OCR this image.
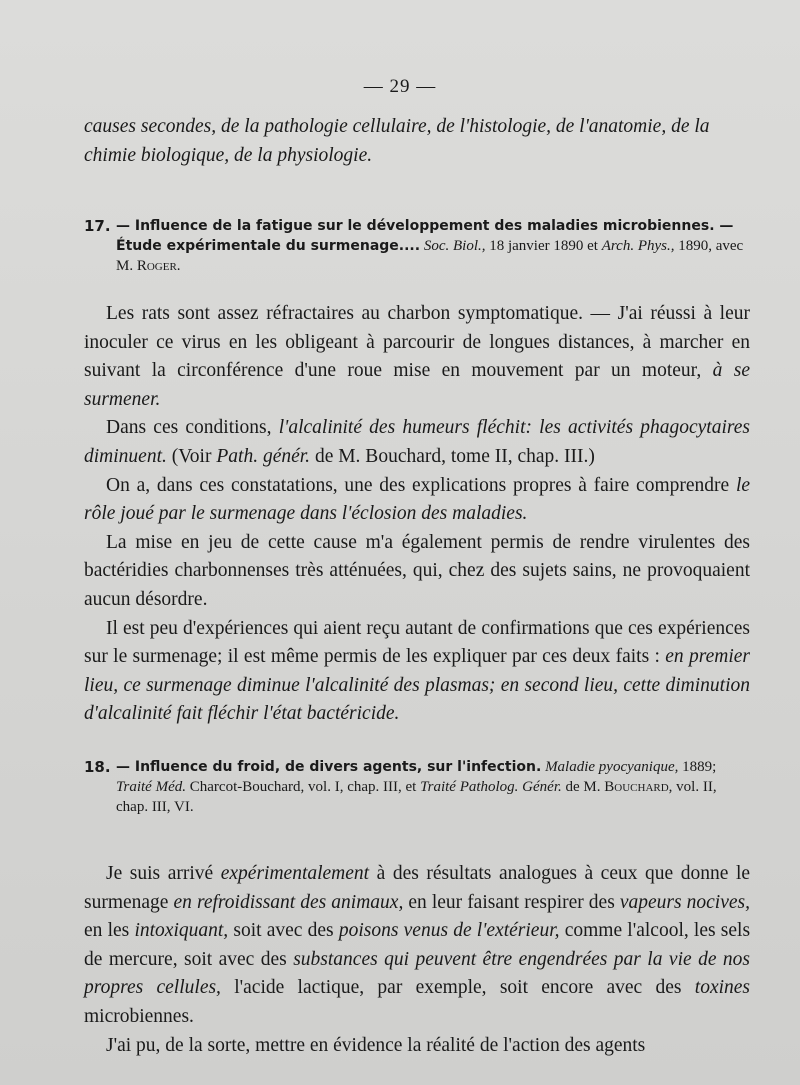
— 29 —
causes secondes, de la pathologie cellulaire, de l'histologie, de l'anatomie, de la chimie biologique, de la physiologie.
17. — Influence de la fatigue sur le développement des maladies microbiennes. — Étude expérimentale du surmenage.... Soc. Biol., 18 janvier 1890 et Arch. Phys., 1890, avec M. Roger.

Les rats sont assez réfractaires au charbon symptomatique. — J'ai réussi à leur inoculer ce virus en les obligeant à parcourir de longues distances, à marcher en suivant la circonférence d'une roue mise en mouvement par un moteur, à se surmener.

Dans ces conditions, l'alcalinité des humeurs fléchit: les activités phagocytaires diminuent. (Voir Path. génér. de M. Bouchard, tome II, chap. III.)

On a, dans ces constatations, une des explications propres à faire comprendre le rôle joué par le surmenage dans l'éclosion des maladies.

La mise en jeu de cette cause m'a également permis de rendre virulentes des bactéridies charbonnenses très atténuées, qui, chez des sujets sains, ne provoquaient aucun désordre.

Il est peu d'expériences qui aient reçu autant de confirmations que ces expériences sur le surmenage; il est même permis de les expliquer par ces deux faits : en premier lieu, ce surmenage diminue l'alcalinité des plasmas; en second lieu, cette diminution d'alcalinité fait fléchir l'état bactéricide.

18. — Influence du froid, de divers agents, sur l'infection. Maladie pyocyanique, 1889; Traité Méd. Charcot-Bouchard, vol. I, chap. III, et Traité Patholog. Génér. de M. Bouchard, vol. II, chap. III, VI.

Je suis arrivé expérimentalement à des résultats analogues à ceux que donne le surmenage en refroidissant des animaux, en leur faisant respirer des vapeurs nocives, en les intoxiquant, soit avec des poisons venus de l'extérieur, comme l'alcool, les sels de mercure, soit avec des substances qui peuvent être engendrées par la vie de nos propres cellules, l'acide lactique, par exemple, soit encore avec des toxines microbiennes.

J'ai pu, de la sorte, mettre en évidence la réalité de l'action des agents
